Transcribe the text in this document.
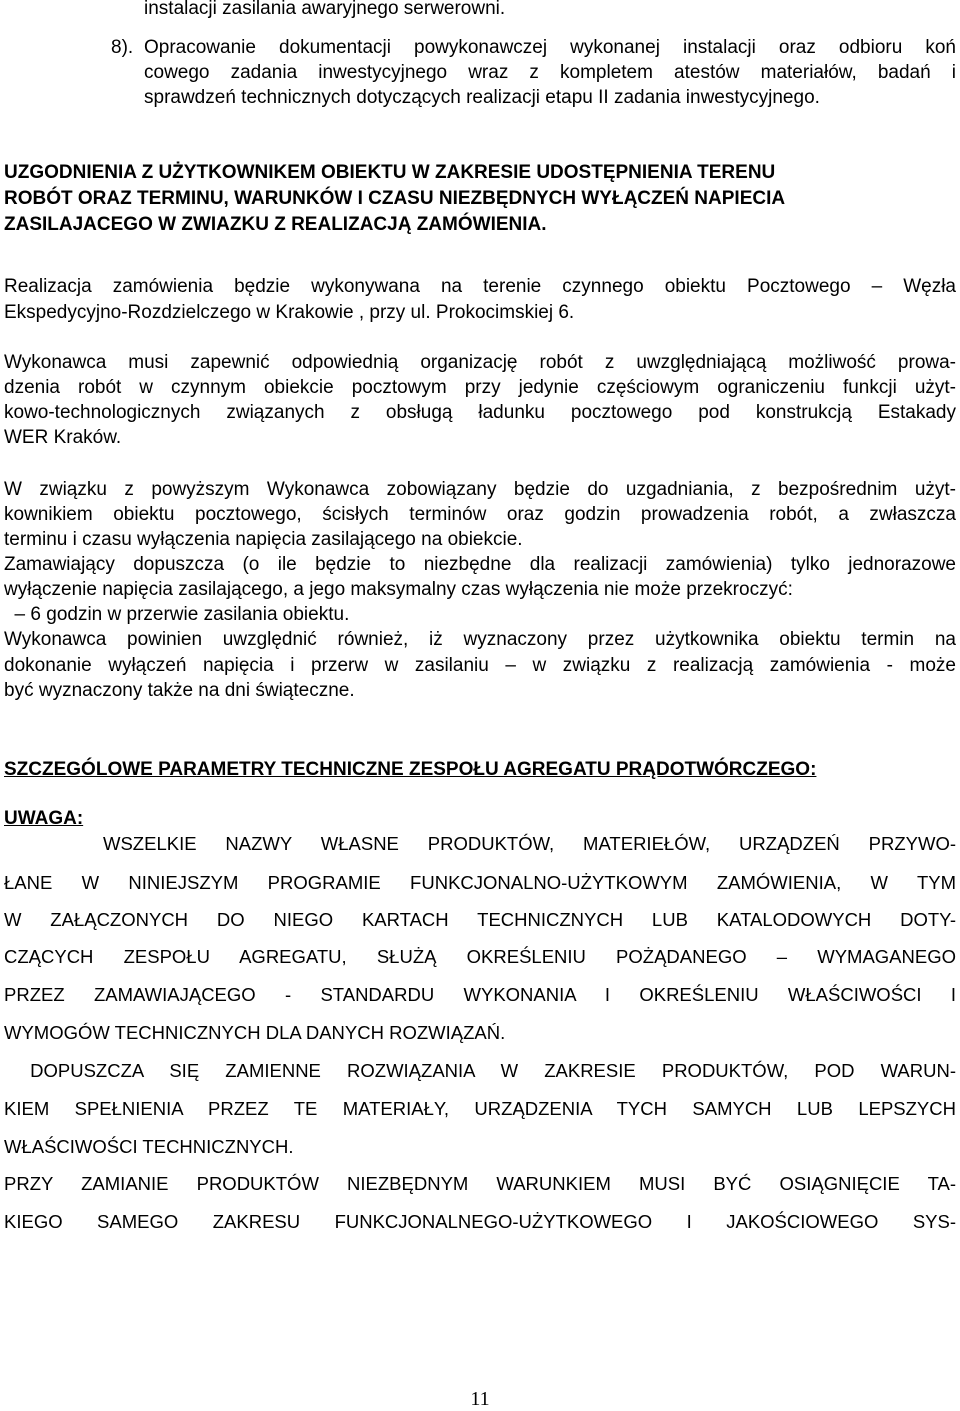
instalacji zasilania awaryjnego serwerowni.
8). Opracowanie dokumentacji powykonawczej wykonanej instalacji oraz odbioru koń
cowego zadania inwestycyjnego wraz z kompletem atestów materiałów, badań i
sprawdzeń technicznych dotyczących realizacji etapu II zadania inwestycyjnego.
UZGODNIENIA Z UŻYTKOWNIKEM OBIEKTU W ZAKRESIE UDOSTĘPNIENIA TERENU
ROBÓT ORAZ TERMINU, WARUNKÓW I CZASU NIEZBĘDNYCH WYŁĄCZEŃ NAPIECIA
ZASILAJACEGO W ZWIAZKU Z REALIZACJĄ ZAMÓWIENIA.
Realizacja zamówienia będzie wykonywana na terenie czynnego obiektu Pocztowego – Węzła
Ekspedycyjno-Rozdzielczego w Krakowie , przy ul. Prokocimskiej 6.
Wykonawca musi zapewnić odpowiednią organizację robót z uwzględniającą możliwość prowa-
dzenia robót w czynnym obiekcie pocztowym przy jedynie częściowym ograniczeniu funkcji użyt-
kowo-technologicznych związanych z obsługą ładunku pocztowego pod konstrukcją Estakady
WER Kraków.
W związku z powyższym Wykonawca zobowiązany będzie do uzgadniania, z bezpośrednim użyt-
kownikiem obiektu pocztowego, ścisłych terminów oraz godzin prowadzenia robót, a zwłaszcza
terminu i czasu wyłączenia napięcia zasilającego na obiekcie.
Zamawiający dopuszcza (o ile będzie to niezbędne dla realizacji zamówienia) tylko jednorazowe
wyłączenie napięcia zasilającego, a jego maksymalny czas wyłączenia nie może przekroczyć:
– 6 godzin w przerwie zasilania obiektu.
Wykonawca powinien uwzględnić również, iż wyznaczony przez użytkownika obiektu termin na
dokonanie wyłączeń napięcia i przerw w zasilaniu – w związku z realizacją zamówienia - może
być wyznaczony także na dni świąteczne.
SZCZEGÓLOWE PARAMETRY TECHNICZNE ZESPOŁU AGREGATU PRĄDOTWÓRCZEGO:
UWAGA:
WSZELKIE NAZWY WŁASNE PRODUKTÓW, MATERIEŁÓW, URZĄDZEŃ PRZYWO-
ŁANE W NINIEJSZYM PROGRAMIE FUNKCJONALNO-UŻYTKOWYM ZAMÓWIENIA, W TYM
W ZAŁĄCZONYCH DO NIEGO KARTACH TECHNICZNYCH LUB KATALODOWYCH DOTY-
CZĄCYCH ZESPOŁU AGREGATU, SŁUŻĄ OKREŚLENIU POŻĄDANEGO – WYMAGANEGO
PRZEZ ZAMAWIAJĄCEGO - STANDARDU WYKONANIA I OKREŚLENIU WŁAŚCIWOŚCI I
WYMOGÓW TECHNICZNYCH DLA DANYCH ROZWIĄZAŃ.
DOPUSZCZA SIĘ ZAMIENNE ROZWIĄZANIA W ZAKRESIE PRODUKTÓW, POD WARUN-
KIEM SPEŁNIENIA PRZEZ TE MATERIAŁY, URZĄDZENIA TYCH SAMYCH LUB LEPSZYCH
WŁAŚCIWOŚCI TECHNICZNYCH.
PRZY ZAMIANIE PRODUKTÓW NIEZBĘDNYM WARUNKIEM MUSI BYĆ OSIĄGNIĘCIE TA-
KIEGO SAMEGO ZAKRESU FUNKCJONALNEGO-UŻYTKOWEGO I JAKOŚCIOWEGO SYS-
11
